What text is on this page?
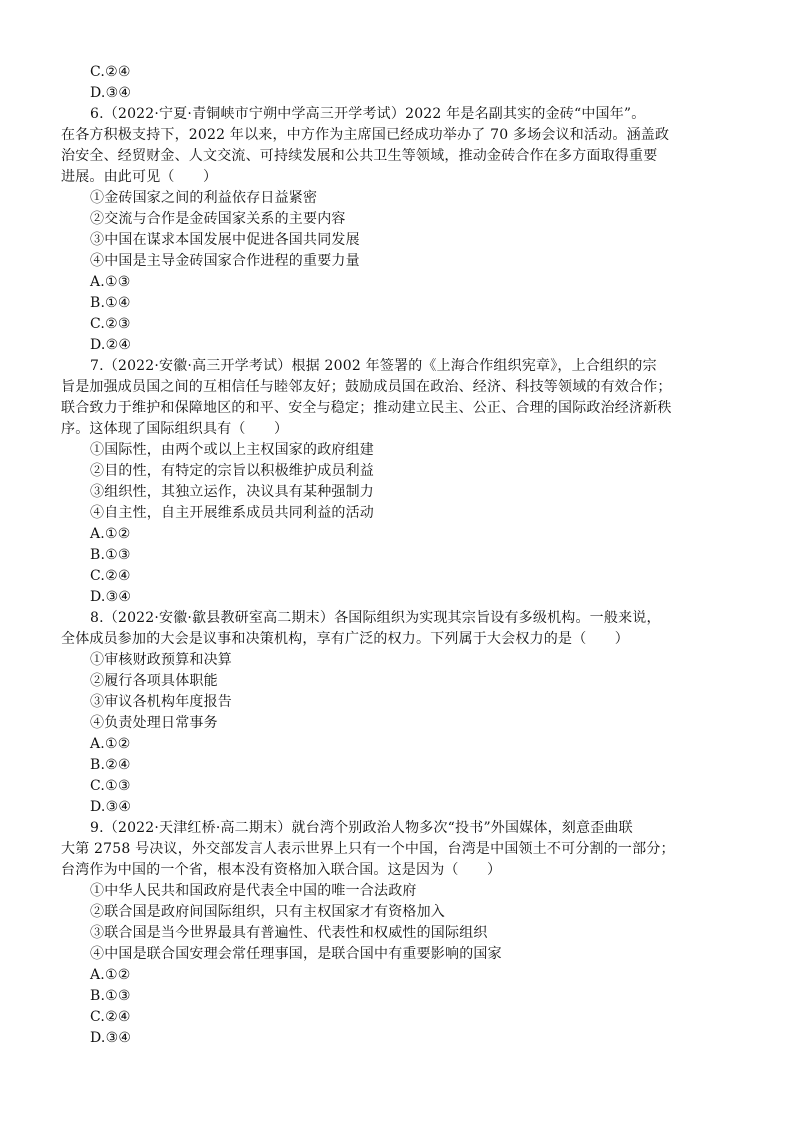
C.②④
D.③④
6.（2022·宁夏·青铜峡市宁朔中学高三开学考试）2022 年是名副其实的金砖“中国年”。
在各方积极支持下，2022 年以来，中方作为主席国已经成功举办了 70 多场会议和活动。涵盖政
治安全、经贸财金、人文交流、可持续发展和公共卫生等领域，推动金砖合作在多方面取得重要
进展。由此可见（　　）
①金砖国家之间的利益依存日益紧密
②交流与合作是金砖国家关系的主要内容
③中国在谋求本国发展中促进各国共同发展
④中国是主导金砖国家合作进程的重要力量
A.①③
B.①④
C.②③
D.②④
7.（2022·安徽·高三开学考试）根据 2002 年签署的《上海合作组织宪章》，上合组织的宗
旨是加强成员国之间的互相信任与睦邻友好；鼓励成员国在政治、经济、科技等领域的有效合作；
联合致力于维护和保障地区的和平、安全与稳定；推动建立民主、公正、合理的国际政治经济新秩
序。这体现了国际组织具有（　　）
①国际性，由两个或以上主权国家的政府组建
②目的性，有特定的宗旨以积极维护成员利益
③组织性，其独立运作，决议具有某种强制力
④自主性，自主开展维系成员共同利益的活动
A.①②
B.①③
C.②④
D.③④
8.（2022·安徽·歙县教研室高二期末）各国际组织为实现其宗旨设有多级机构。一般来说，
全体成员参加的大会是议事和决策机构，享有广泛的权力。下列属于大会权力的是（　　）
①审核财政预算和决算
②履行各项具体职能
③审议各机构年度报告
④负责处理日常事务
A.①②
B.②④
C.①③
D.③④
9.（2022·天津红桥·高二期末）就台湾个别政治人物多次“投书”外国媒体，刻意歪曲联
大第 2758 号决议，外交部发言人表示世界上只有一个中国，台湾是中国领土不可分割的一部分；
台湾作为中国的一个省，根本没有资格加入联合国。这是因为（　　）
①中华人民共和国政府是代表全中国的唯一合法政府
②联合国是政府间国际组织，只有主权国家才有资格加入
③联合国是当今世界最具有普遍性、代表性和权威性的国际组织
④中国是联合国安理会常任理事国，是联合国中有重要影响的国家
A.①②
B.①③
C.②④
D.③④
